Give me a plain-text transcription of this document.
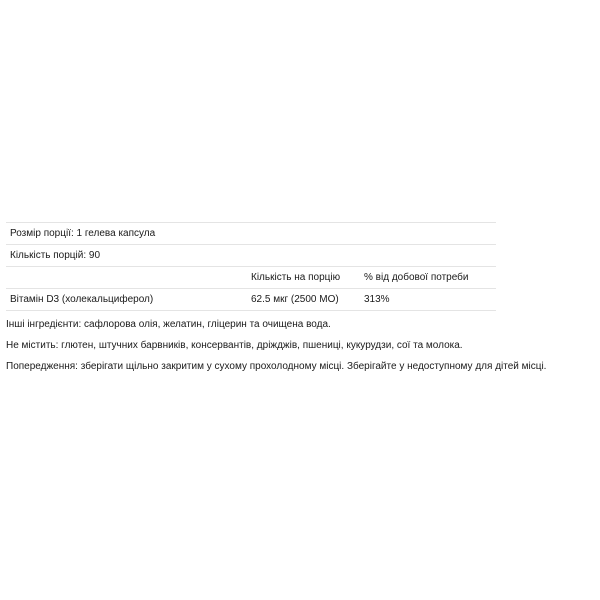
Розмір порції: 1 гелева капсула		
Кількість порцій: 90		
	Кількість на порцію	% від добової потреби
Вітамін D3 (холекальциферол)	62.5 мкг (2500 МО)	313%

Інші інгредієнти: сафлорова олія, желатин, гліцерин та очищена вода.

Не містить: глютен, штучних барвників, консервантів, дріжджів, пшениці, кукурудзи, сої та молока.

Попередження: зберігати щільно закритим у сухому прохолодному місці. Зберігайте у недоступному для дітей місці.
